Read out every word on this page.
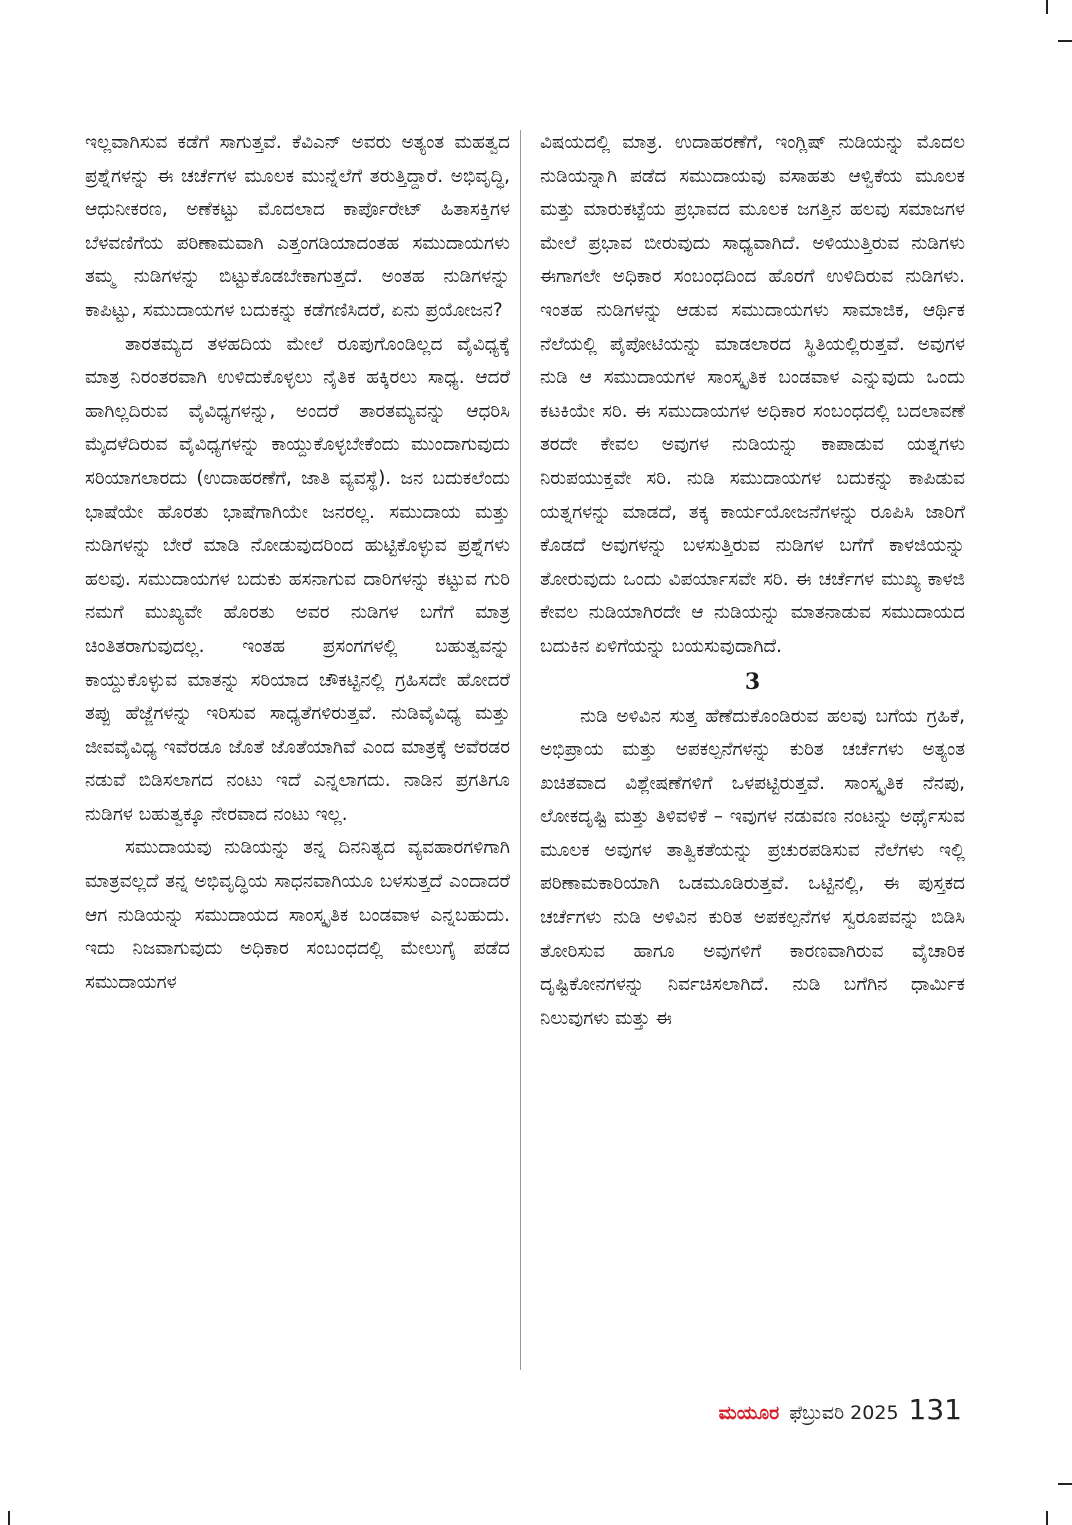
ಇಲ್ಲವಾಗಿಸುವ ಕಡೆಗೆ ಸಾಗುತ್ತವೆ. ಕೆವಿಎನ್ ಅವರು ಅತ್ಯಂತ ಮಹತ್ವದ ಪ್ರಶ್ನೆಗಳನ್ನು ಈ ಚರ್ಚೆಗಳ ಮೂಲಕ ಮುನ್ನೆಲೆಗೆ ತರುತ್ತಿದ್ದಾರೆ. ಅಭಿವೃದ್ಧಿ, ಆಧುನೀಕರಣ, ಅಣೆಕಟ್ಟು ಮೊದಲಾದ ಕಾರ್ಪೊರೇಟ್ ಹಿತಾಸಕ್ತಿಗಳ ಬೆಳವಣಿಗೆಯ ಪರಿಣಾಮವಾಗಿ ಎತ್ತಂಗಡಿಯಾದಂತಹ ಸಮುದಾಯಗಳು ತಮ್ಮ ನುಡಿಗಳನ್ನು ಬಿಟ್ಟುಕೊಡಬೇಕಾಗುತ್ತದೆ. ಅಂತಹ ನುಡಿಗಳನ್ನು ಕಾಪಿಟ್ಟು, ಸಮುದಾಯಗಳ ಬದುಕನ್ನು ಕಡೆಗಣಿಸಿದರೆ, ಏನು ಪ್ರಯೋಜನ?

ತಾರತಮ್ಯದ ತಳಹದಿಯ ಮೇಲೆ ರೂಪುಗೊಂಡಿಲ್ಲದ ವೈವಿಧ್ಯಕ್ಕೆ ಮಾತ್ರ ನಿರಂತರವಾಗಿ ಉಳಿದುಕೊಳ್ಳಲು ನೈತಿಕ ಹಕ್ಕಿರಲು ಸಾಧ್ಯ. ಆದರೆ ಹಾಗಿಲ್ಲದಿರುವ ವೈವಿಧ್ಯಗಳನ್ನು, ಅಂದರೆ ತಾರತಮ್ಯವನ್ನು ಆಧರಿಸಿ ಮೈದಳೆದಿರುವ ವೈವಿಧ್ಯಗಳನ್ನು ಕಾಯ್ದುಕೊಳ್ಳಬೇಕೆಂದು ಮುಂದಾಗುವುದು ಸರಿಯಾಗಲಾರದು (ಉದಾಹರಣೆಗೆ, ಜಾತಿ ವ್ಯವಸ್ಥೆ). ಜನ ಬದುಕಲೆಂದು ಭಾಷೆಯೇ ಹೊರತು ಭಾಷೆಗಾಗಿಯೇ ಜನರಲ್ಲ. ಸಮುದಾಯ ಮತ್ತು ನುಡಿಗಳನ್ನು ಬೇರೆ ಮಾಡಿ ನೋಡುವುದರಿಂದ ಹುಟ್ಟಿಕೊಳ್ಳುವ ಪ್ರಶ್ನೆಗಳು ಹಲವು. ಸಮುದಾಯಗಳ ಬದುಕು ಹಸನಾಗುವ ದಾರಿಗಳನ್ನು ಕಟ್ಟುವ ಗುರಿ ನಮಗೆ ಮುಖ್ಯವೇ ಹೊರತು ಅವರ ನುಡಿಗಳ ಬಗೆಗೆ ಮಾತ್ರ ಚಿಂತಿತರಾಗುವುದಲ್ಲ. ಇಂತಹ ಪ್ರಸಂಗಗಳಲ್ಲಿ ಬಹುತ್ವವನ್ನು ಕಾಯ್ದುಕೊಳ್ಳುವ ಮಾತನ್ನು ಸರಿಯಾದ ಚೌಕಟ್ಟಿನಲ್ಲಿ ಗ್ರಹಿಸದೇ ಹೋದರೆ ತಪ್ಪು ಹೆಜ್ಜೆಗಳನ್ನು ಇರಿಸುವ ಸಾಧ್ಯತೆಗಳಿರುತ್ತವೆ. ನುಡಿವೈವಿಧ್ಯ ಮತ್ತು ಜೀವವೈವಿಧ್ಯ ಇವೆರಡೂ ಜೊತೆ ಜೊತೆಯಾಗಿವೆ ಎಂದ ಮಾತ್ರಕ್ಕೆ ಅವೆರಡರ ನಡುವೆ ಬಿಡಿಸಲಾಗದ ನಂಟು ಇದೆ ಎನ್ನಲಾಗದು. ನಾಡಿನ ಪ್ರಗತಿಗೂ ನುಡಿಗಳ ಬಹುತ್ವಕ್ಕೂ ನೇರವಾದ ನಂಟು ಇಲ್ಲ.

ಸಮುದಾಯವು ನುಡಿಯನ್ನು ತನ್ನ ದಿನನಿತ್ಯದ ವ್ಯವಹಾರಗಳಿಗಾಗಿ ಮಾತ್ರವಲ್ಲದೆ ತನ್ನ ಅಭಿವೃದ್ಧಿಯ ಸಾಧನವಾಗಿಯೂ ಬಳಸುತ್ತದೆ ಎಂದಾದರೆ ಆಗ ನುಡಿಯನ್ನು ಸಮುದಾಯದ ಸಾಂಸ್ಕೃತಿಕ ಬಂಡವಾಳ ಎನ್ನಬಹುದು. ಇದು ನಿಜವಾಗುವುದು ಅಧಿಕಾರ ಸಂಬಂಧದಲ್ಲಿ ಮೇಲುಗೈ ಪಡೆದ ಸಮುದಾಯಗಳ

ವಿಷಯದಲ್ಲಿ ಮಾತ್ರ. ಉದಾಹರಣೆಗೆ, ಇಂಗ್ಲಿಷ್ ನುಡಿಯನ್ನು ಮೊದಲ ನುಡಿಯನ್ನಾಗಿ ಪಡೆದ ಸಮುದಾಯವು ವಸಾಹತು ಆಳ್ವಿಕೆಯ ಮೂಲಕ ಮತ್ತು ಮಾರುಕಟ್ಟೆಯ ಪ್ರಭಾವದ ಮೂಲಕ ಜಗತ್ತಿನ ಹಲವು ಸಮಾಜಗಳ ಮೇಲೆ ಪ್ರಭಾವ ಬೀರುವುದು ಸಾಧ್ಯವಾಗಿದೆ. ಅಳಿಯುತ್ತಿರುವ ನುಡಿಗಳು ಈಗಾಗಲೇ ಅಧಿಕಾರ ಸಂಬಂಧದಿಂದ ಹೊರಗೆ ಉಳಿದಿರುವ ನುಡಿಗಳು. ಇಂತಹ ನುಡಿಗಳನ್ನು ಆಡುವ ಸಮುದಾಯಗಳು ಸಾಮಾಜಿಕ, ಆರ್ಥಿಕ ನೆಲೆಯಲ್ಲಿ ಪೈಪೋಟಿಯನ್ನು ಮಾಡಲಾರದ ಸ್ಥಿತಿಯಲ್ಲಿರುತ್ತವೆ. ಅವುಗಳ ನುಡಿ ಆ ಸಮುದಾಯಗಳ ಸಾಂಸ್ಕೃತಿಕ ಬಂಡವಾಳ ಎನ್ನುವುದು ಒಂದು ಕಟಕಿಯೇ ಸರಿ. ಈ ಸಮುದಾಯಗಳ ಅಧಿಕಾರ ಸಂಬಂಧದಲ್ಲಿ ಬದಲಾವಣೆ ತರದೇ ಕೇವಲ ಅವುಗಳ ನುಡಿಯನ್ನು ಕಾಪಾಡುವ ಯತ್ನಗಳು ನಿರುಪಯುಕ್ತವೇ ಸರಿ. ನುಡಿ ಸಮುದಾಯಗಳ ಬದುಕನ್ನು ಕಾಪಿಡುವ ಯತ್ನಗಳನ್ನು ಮಾಡದೆ, ತಕ್ಕ ಕಾರ್ಯಯೋಜನೆಗಳನ್ನು ರೂಪಿಸಿ ಜಾರಿಗೆ ಕೊಡದೆ ಅವುಗಳನ್ನು ಬಳಸುತ್ತಿರುವ ನುಡಿಗಳ ಬಗೆಗೆ ಕಾಳಜಿಯನ್ನು ತೋರುವುದು ಒಂದು ವಿಪರ್ಯಾಸವೇ ಸರಿ. ಈ ಚರ್ಚೆಗಳ ಮುಖ್ಯ ಕಾಳಜಿ ಕೇವಲ ನುಡಿಯಾಗಿರದೇ ಆ ನುಡಿಯನ್ನು ಮಾತನಾಡುವ ಸಮುದಾಯದ ಬದುಕಿನ ಏಳಿಗೆಯನ್ನು ಬಯಸುವುದಾಗಿದೆ.

3

ನುಡಿ ಅಳಿವಿನ ಸುತ್ತ ಹೆಣೆದುಕೊಂಡಿರುವ ಹಲವು ಬಗೆಯ ಗ್ರಹಿಕೆ, ಅಭಿಪ್ರಾಯ ಮತ್ತು ಅಪಕಲ್ಪನೆಗಳನ್ನು ಕುರಿತ ಚರ್ಚೆಗಳು ಅತ್ಯಂತ ಖಚಿತವಾದ ವಿಶ್ಲೇಷಣೆಗಳಿಗೆ ಒಳಪಟ್ಟಿರುತ್ತವೆ. ಸಾಂಸ್ಕೃತಿಕ ನೆನಪು, ಲೋಕದೃಷ್ಟಿ ಮತ್ತು ತಿಳಿವಳಿಕೆ – ಇವುಗಳ ನಡುವಣ ನಂಟನ್ನು ಅರ್ಥೈಸುವ ಮೂಲಕ ಅವುಗಳ ತಾತ್ವಿಕತೆಯನ್ನು ಪ್ರಚುರಪಡಿಸುವ ನೆಲೆಗಳು ಇಲ್ಲಿ ಪರಿಣಾಮಕಾರಿಯಾಗಿ ಒಡಮೂಡಿರುತ್ತವೆ. ಒಟ್ಟಿನಲ್ಲಿ, ಈ ಪುಸ್ತಕದ ಚರ್ಚೆಗಳು ನುಡಿ ಅಳಿವಿನ ಕುರಿತ ಅಪಕಲ್ಪನೆಗಳ ಸ್ವರೂಪವನ್ನು ಬಿಡಿಸಿ ತೋರಿಸುವ ಹಾಗೂ ಅವುಗಳಿಗೆ ಕಾರಣವಾಗಿರುವ ವೈಚಾರಿಕ ದೃಷ್ಟಿಕೋನಗಳನ್ನು ನಿರ್ವಚಿಸಲಾಗಿದೆ. ನುಡಿ ಬಗೆಗಿನ ಧಾರ್ಮಿಕ ನಿಲುವುಗಳು ಮತ್ತು ಈ

ಮಯೂರ ಫೆಬ್ರುವರಿ 2025 131
